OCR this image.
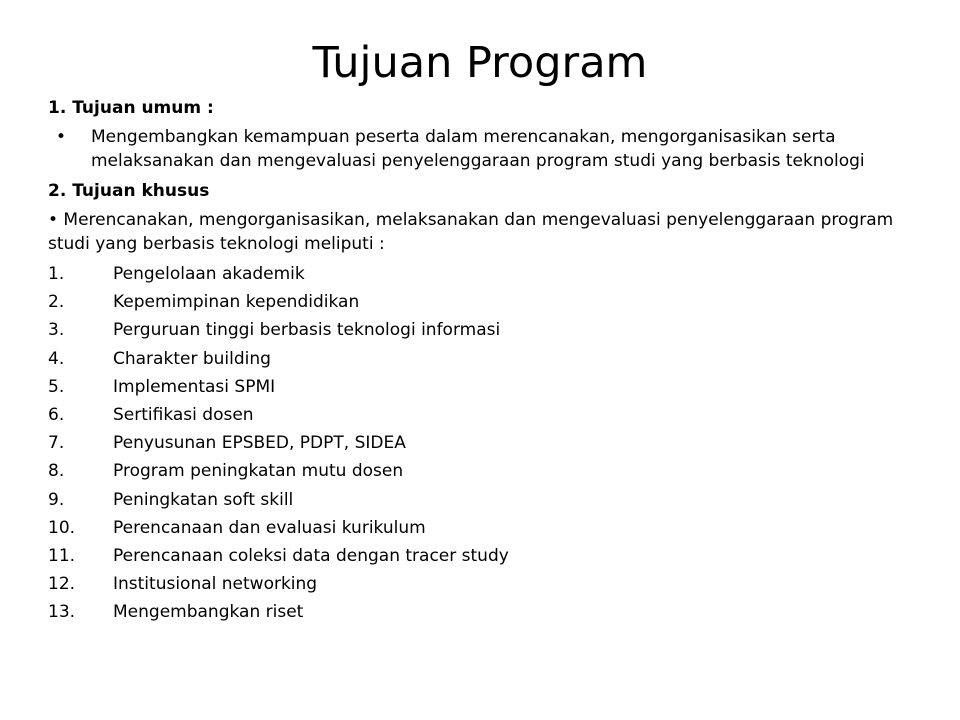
Tujuan Program
1. Tujuan umum :
• Mengembangkan kemampuan peserta dalam merencanakan, mengorganisasikan serta melaksanakan dan mengevaluasi penyelenggaraan program studi yang berbasis teknologi
2. Tujuan khusus
• Merencanakan, mengorganisasikan, melaksanakan dan mengevaluasi penyelenggaraan program studi yang berbasis teknologi meliputi :
1.	Pengelolaan akademik
2.	Kepemimpinan kependidikan
3.	Perguruan tinggi berbasis teknologi informasi
4.	Charakter building
5.	Implementasi SPMI
6.	Sertifikasi dosen
7.	Penyusunan EPSBED, PDPT, SIDEA
8.	Program peningkatan mutu dosen
9.	Peningkatan soft skill
10. Perencanaan dan evaluasi kurikulum
11. Perencanaan coleksi data dengan tracer study
12. Institusional networking
13. Mengembangkan riset
